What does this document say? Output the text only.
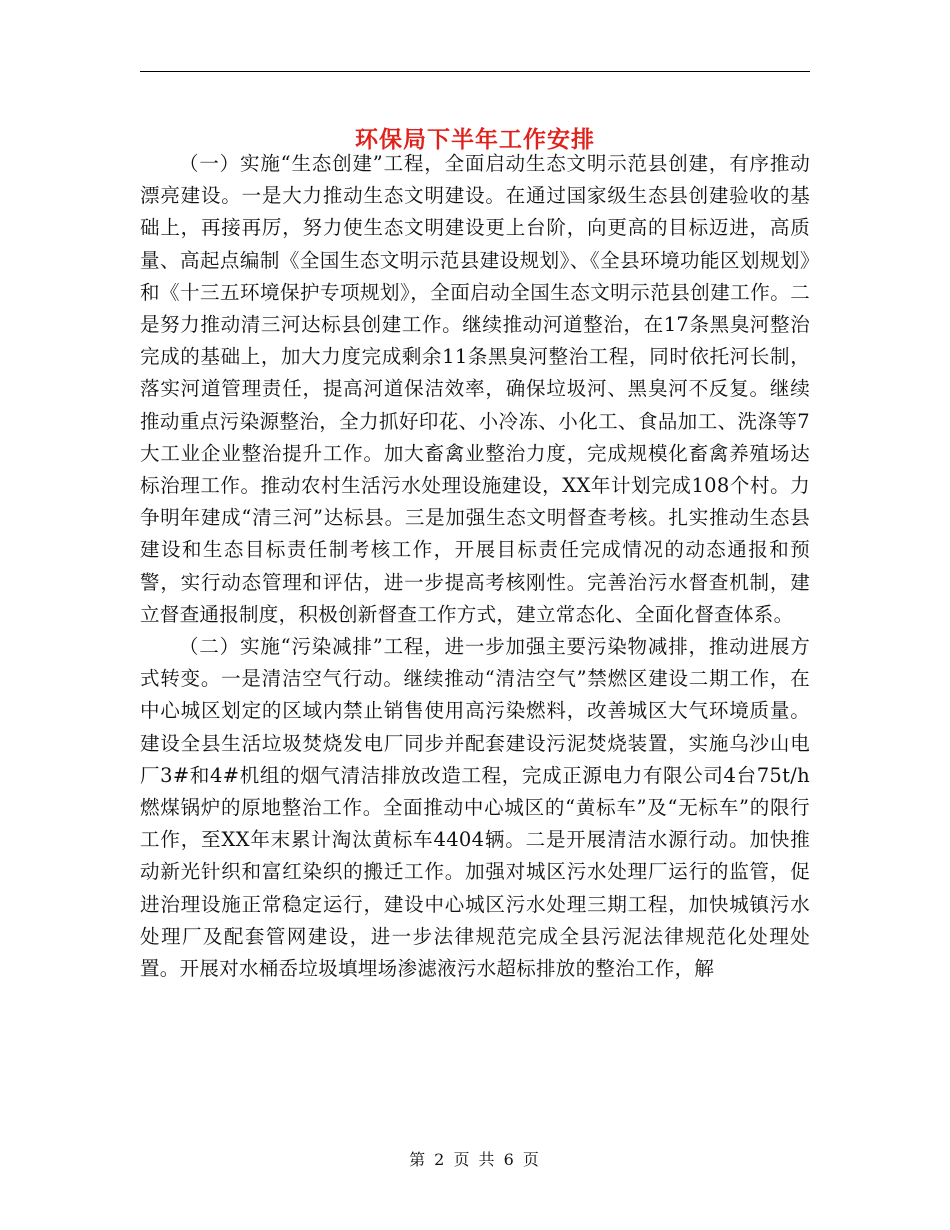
环保局下半年工作安排

（一）实施“生态创建”工程，全面启动生态文明示范县创建，有序推动漂亮建设。一是大力推动生态文明建设。在通过国家级生态县创建验收的基础上，再接再厉，努力使生态文明建设更上台阶，向更高的目标迈进，高质量、高起点编制《全国生态文明示范县建设规划》、《全县环境功能区划规划》和《十三五环境保护专项规划》，全面启动全国生态文明示范县创建工作。二是努力推动清三河达标县创建工作。继续推动河道整治，在17条黑臭河整治完成的基础上，加大力度完成剩余11条黑臭河整治工程，同时依托河长制，落实河道管理责任，提高河道保洁效率，确保垃圾河、黑臭河不反复。继续推动重点污染源整治，全力抓好印花、小冷冻、小化工、食品加工、洗涤等7大工业企业整治提升工作。加大畜禽业整治力度，完成规模化畜禽养殖场达标治理工作。推动农村生活污水处理设施建设，XX年计划完成108个村。力争明年建成“清三河”达标县。三是加强生态文明督查考核。扎实推动生态县建设和生态目标责任制考核工作，开展目标责任完成情况的动态通报和预警，实行动态管理和评估，进一步提高考核刚性。完善治污水督查机制，建立督查通报制度，积极创新督查工作方式，建立常态化、全面化督查体系。

（二）实施“污染减排”工程，进一步加强主要污染物减排，推动进展方式转变。一是清洁空气行动。继续推动“清洁空气”禁燃区建设二期工作，在中心城区划定的区域内禁止销售使用高污染燃料，改善城区大气环境质量。建设全县生活垃圾焚烧发电厂同步并配套建设污泥焚烧装置，实施乌沙山电厂3#和4#机组的烟气清洁排放改造工程，完成正源电力有限公司4台75t/h燃煤锅炉的原地整治工作。全面推动中心城区的“黄标车”及“无标车”的限行工作，至XX年末累计淘汰黄标车4404辆。二是开展清洁水源行动。加快推动新光针织和富红染织的搬迁工作。加强对城区污水处理厂运行的监管，促进治理设施正常稳定运行，建设中心城区污水处理三期工程，加快城镇污水处理厂及配套管网建设，进一步法律规范完成全县污泥法律规范化处理处置。开展对水桶岙垃圾填埋场渗滤液污水超标排放的整治工作，解

第 2 页 共 6 页
